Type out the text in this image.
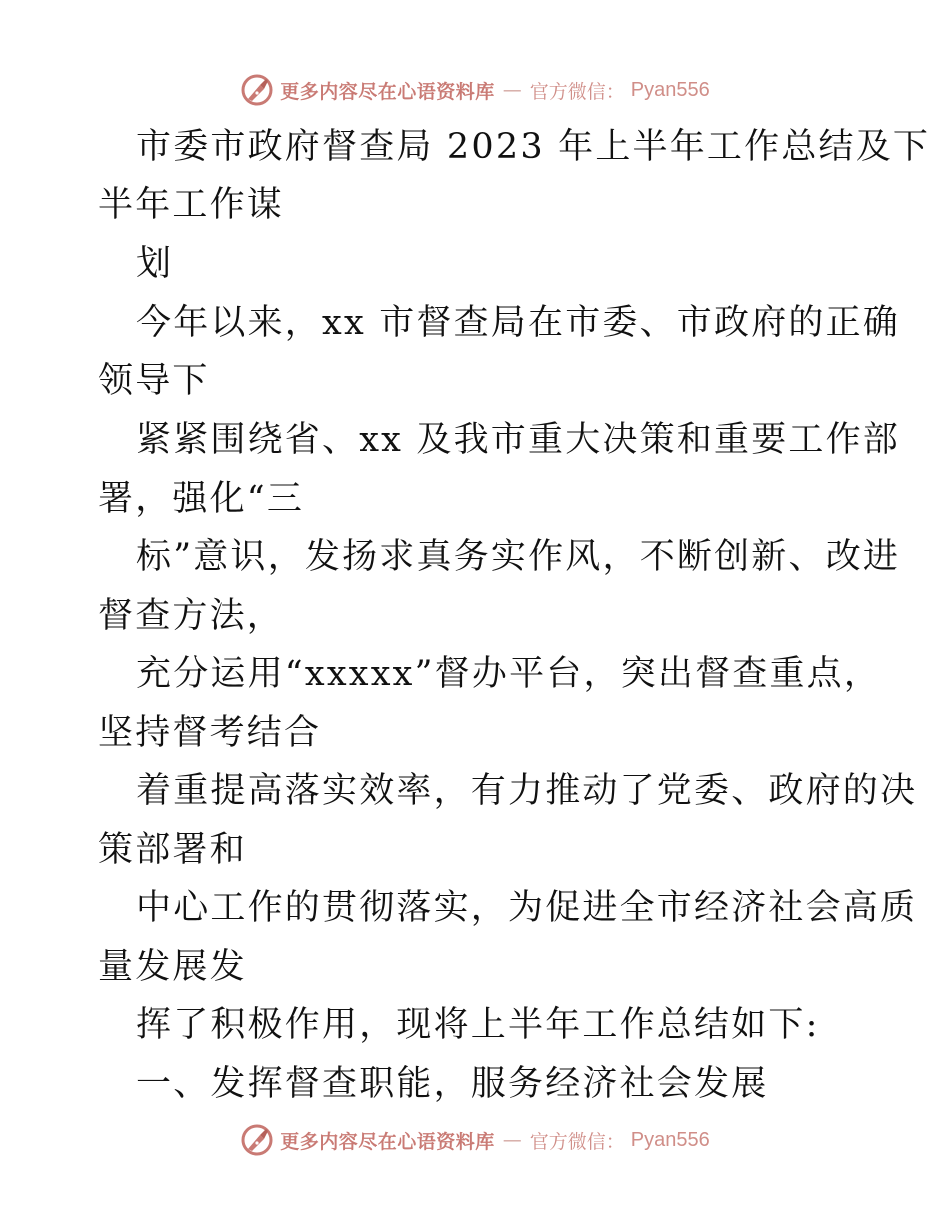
更多内容尽在心语资料库 — 官方微信： Pyan556
市委市政府督查局 2023 年上半年工作总结及下
半年工作谋
划
今年以来，xx 市督查局在市委、市政府的正确
领导下
紧紧围绕省、xx 及我市重大决策和重要工作部
署，强化“三
标”意识，发扬求真务实作风，不断创新、改进
督查方法，
充分运用“xxxxx”督办平台，突出督查重点，
坚持督考结合
着重提高落实效率，有力推动了党委、政府的决
策部署和
中心工作的贯彻落实，为促进全市经济社会高质
量发展发
挥了积极作用，现将上半年工作总结如下:
一、发挥督查职能，服务经济社会发展
更多内容尽在心语资料库 — 官方微信： Pyan556
